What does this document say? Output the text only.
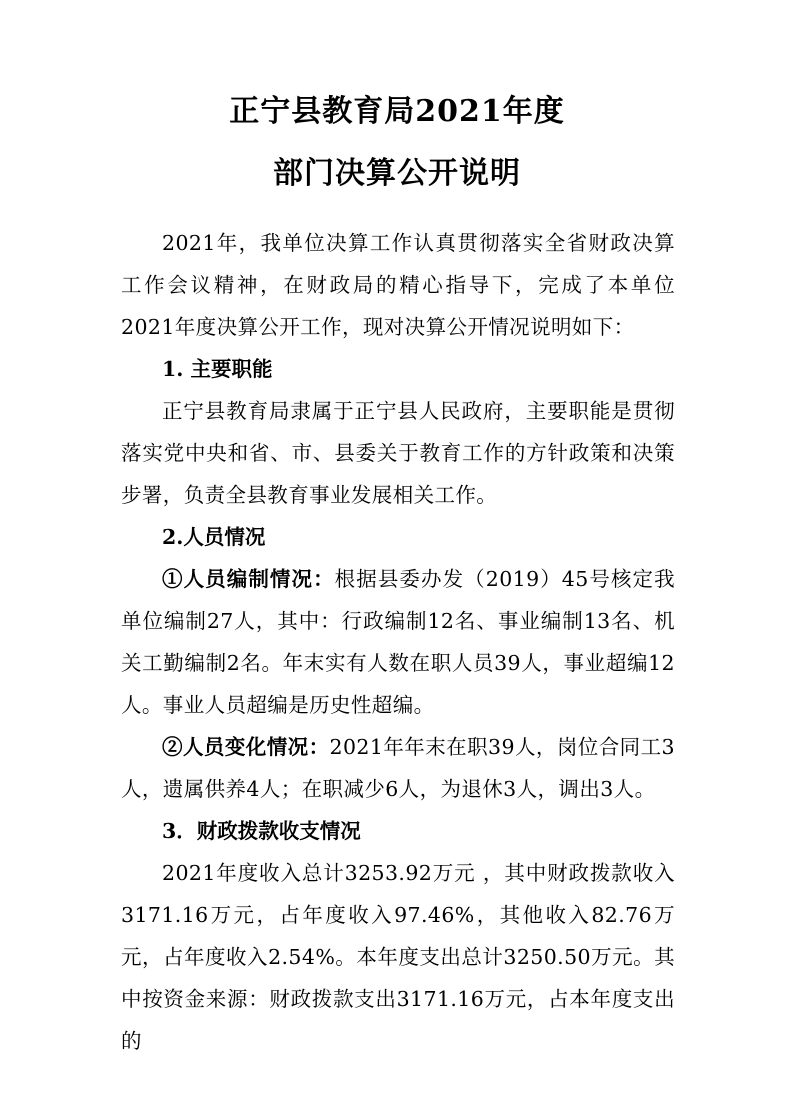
正宁县教育局2021年度
部门决算公开说明

2021年，我单位决算工作认真贯彻落实全省财政决算工作会议精神，在财政局的精心指导下，完成了本单位2021年度决算公开工作，现对决算公开情况说明如下：

1. 主要职能

正宁县教育局隶属于正宁县人民政府，主要职能是贯彻落实党中央和省、市、县委关于教育工作的方针政策和决策步署，负责全县教育事业发展相关工作。

2.人员情况

①人员编制情况：根据县委办发（2019）45号核定我单位编制27人，其中：行政编制12名、事业编制13名、机关工勤编制2名。年末实有人数在职人员39人，事业超编12人。事业人员超编是历史性超编。

②人员变化情况：2021年年末在职39人，岗位合同工3人，遗属供养4人；在职减少6人，为退休3人，调出3人。

3．财政拨款收支情况

2021年度收入总计3253.92万元 ，其中财政拨款收入3171.16万元，占年度收入97.46%，其他收入82.76万元，占年度收入2.54%。本年度支出总计3250.50万元。其中按资金来源：财政拨款支出3171.16万元，占本年度支出的
